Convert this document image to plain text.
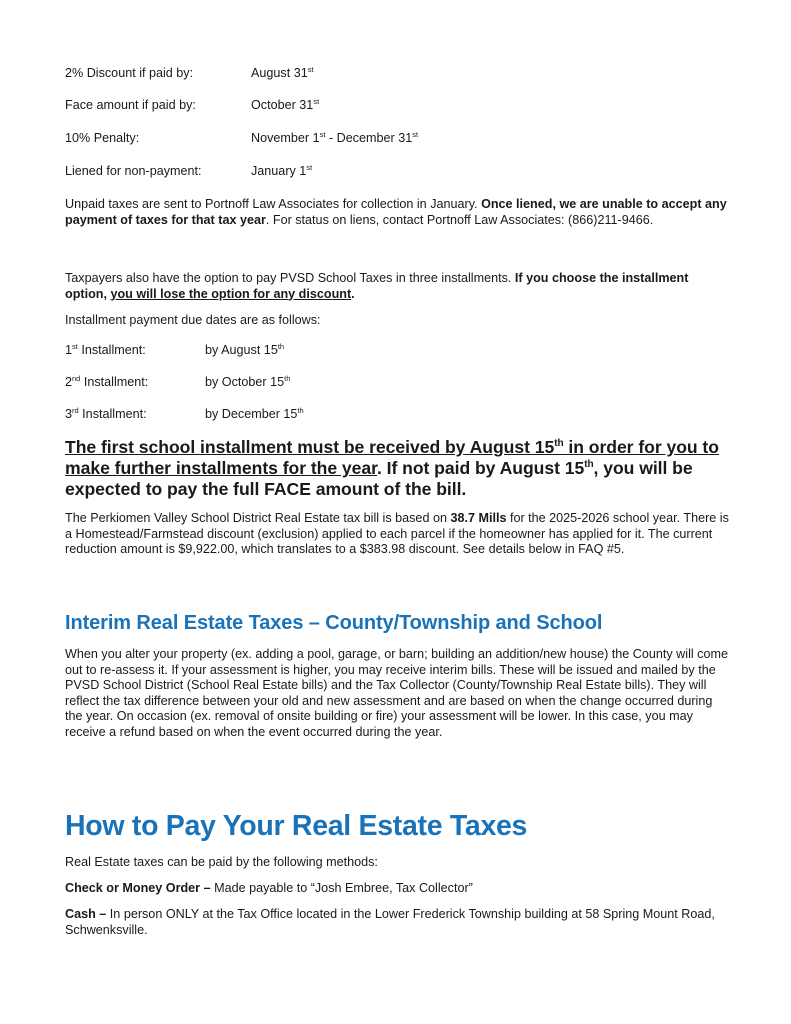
2% Discount if paid by:	August 31st
Face amount if paid by:	October 31st
10% Penalty:	November 1st - December 31st
Liened for non-payment:	January 1st

Unpaid taxes are sent to Portnoff Law Associates for collection in January. Once liened, we are unable to accept any payment of taxes for that tax year. For status on liens, contact Portnoff Law Associates: (866)211-9466.

Taxpayers also have the option to pay PVSD School Taxes in three installments. If you choose the installment option, you will lose the option for any discount.

Installment payment due dates are as follows:

1st Installment:	by August 15th
2nd Installment:	by October 15th
3rd Installment:	by December 15th

The first school installment must be received by August 15th in order for you to make further installments for the year. If not paid by August 15th, you will be expected to pay the full FACE amount of the bill.

The Perkiomen Valley School District Real Estate tax bill is based on 38.7 Mills for the 2025-2026 school year. There is a Homestead/Farmstead discount (exclusion) applied to each parcel if the homeowner has applied for it. The current reduction amount is $9,922.00, which translates to a $383.98 discount. See details below in FAQ #5.

Interim Real Estate Taxes – County/Township and School

When you alter your property (ex. adding a pool, garage, or barn; building an addition/new house) the County will come out to re-assess it. If your assessment is higher, you may receive interim bills. These will be issued and mailed by the PVSD School District (School Real Estate bills) and the Tax Collector (County/Township Real Estate bills). They will reflect the tax difference between your old and new assessment and are based on when the change occurred during the year. On occasion (ex. removal of onsite building or fire) your assessment will be lower. In this case, you may receive a refund based on when the event occurred during the year.

How to Pay Your Real Estate Taxes

Real Estate taxes can be paid by the following methods:

Check or Money Order – Made payable to “Josh Embree, Tax Collector”

Cash – In person ONLY at the Tax Office located in the Lower Frederick Township building at 58 Spring Mount Road, Schwenksville.
